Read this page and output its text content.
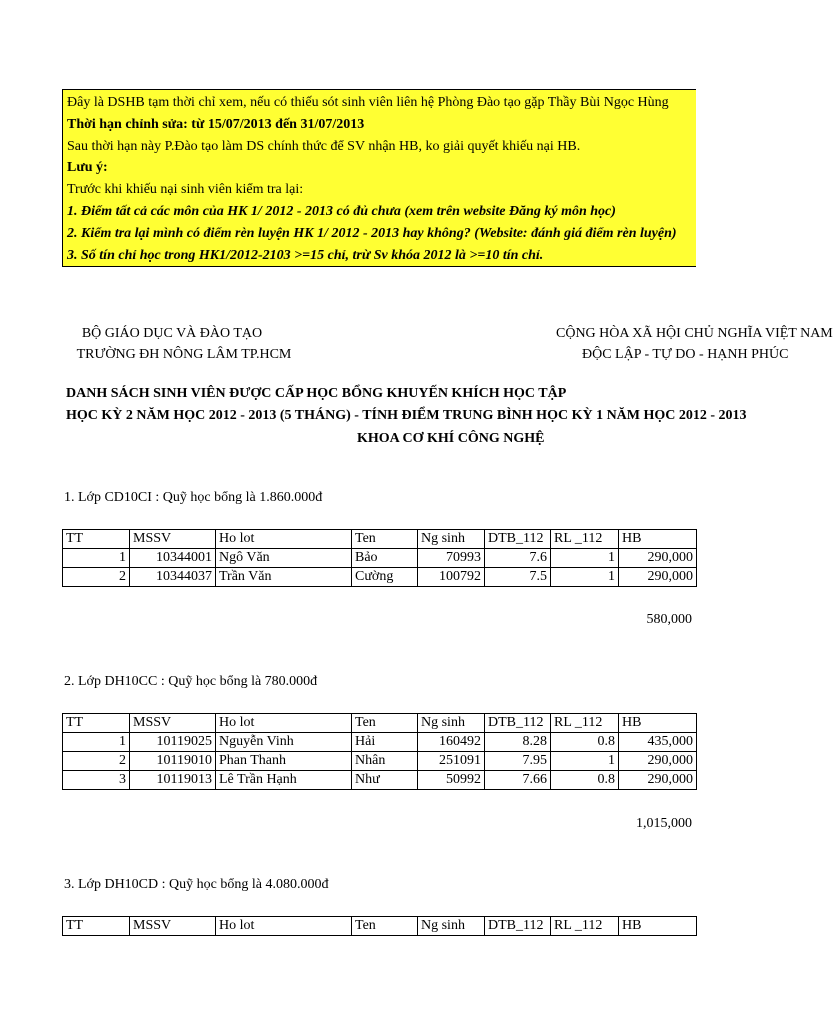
Đây là DSHB tạm thời chỉ xem, nếu có thiếu sót sinh viên liên hệ Phòng Đào tạo gặp Thầy Bùi Ngọc Hùng
Thời hạn chỉnh sửa: từ 15/07/2013 đến 31/07/2013
Sau thời hạn này P.Đào tạo làm DS chính thức để SV nhận HB, ko giải quyết khiếu nại HB.
Lưu ý:
Trước khi khiếu nại sinh viên kiểm tra lại:
1. Điểm tất cả các môn của HK 1/ 2012 - 2013 có đủ chưa (xem trên website Đăng ký môn học)
2. Kiểm tra lại mình có điểm rèn luyện HK 1/ 2012 - 2013 hay không? (Website: đánh giá điểm rèn luyện)
3. Số tín chỉ học trong HK1/2012-2103 >=15 chỉ, trừ Sv khóa 2012 là >=10 tín chỉ.
BỘ GIÁO DỤC VÀ ĐÀO TẠO
TRƯỜNG ĐH NÔNG LÂM TP.HCM
CỘNG HÒA XÃ HỘI CHỦ NGHĨA VIỆT NAM
ĐỘC LẬP - TỰ DO - HẠNH PHÚC
DANH SÁCH SINH VIÊN ĐƯỢC CẤP HỌC BỔNG KHUYẾN KHÍCH HỌC TẬP
HỌC KỲ 2 NĂM HỌC 2012 - 2013 (5 THÁNG) - TÍNH ĐIỂM TRUNG BÌNH HỌC KỲ 1 NĂM HỌC 2012 - 2013
KHOA CƠ KHÍ CÔNG NGHỆ
1. Lớp CD10CI : Quỹ học bổng là 1.860.000đ
TT	MSSV	Ho lot	Ten	Ng sinh	DTB_112	RL _112	HB
1	10344001	Ngô Văn	Bảo	70993	7.6	1	290,000
2	10344037	Trần Văn	Cường	100792	7.5	1	290,000
580,000
2. Lớp DH10CC : Quỹ học bổng là 780.000đ
TT	MSSV	Ho lot	Ten	Ng sinh	DTB_112	RL _112	HB
1	10119025	Nguyễn Vinh	Hải	160492	8.28	0.8	435,000
2	10119010	Phan Thanh	Nhân	251091	7.95	1	290,000
3	10119013	Lê Trần Hạnh	Như	50992	7.66	0.8	290,000
1,015,000
3. Lớp DH10CD : Quỹ học bổng là 4.080.000đ
TT	MSSV	Ho lot	Ten	Ng sinh	DTB_112	RL _112	HB
